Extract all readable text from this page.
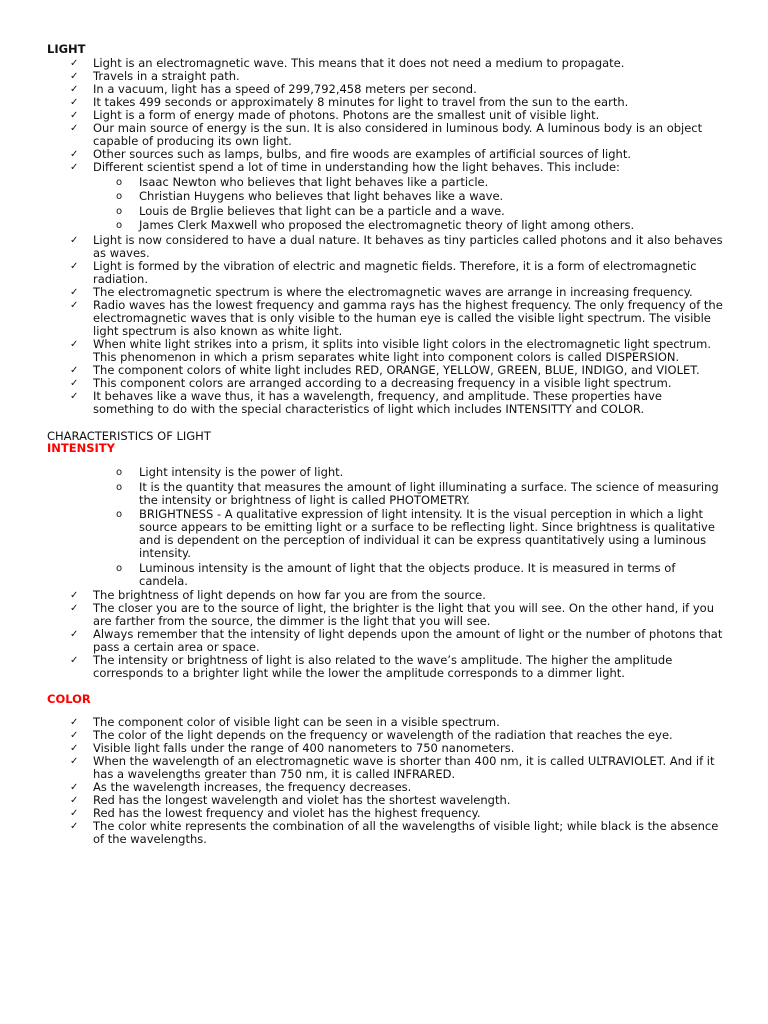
LIGHT
✓ Light is an electromagnetic wave. This means that it does not need a medium to propagate.
✓ Travels in a straight path.
✓ In a vacuum, light has a speed of 299,792,458 meters per second.
✓ It takes 499 seconds or approximately 8 minutes for light to travel from the sun to the earth.
✓ Light is a form of energy made of photons. Photons are the smallest unit of visible light.
✓ Our main source of energy is the sun. It is also considered in luminous body. A luminous body is an object capable of producing its own light.
✓ Other sources such as lamps, bulbs, and fire woods are examples of artificial sources of light.
✓ Different scientist spend a lot of time in understanding how the light behaves. This include:
o Isaac Newton who believes that light behaves like a particle.
o Christian Huygens who believes that light behaves like a wave.
o Louis de Brglie believes that light can be a particle and a wave.
o James Clerk Maxwell who proposed the electromagnetic theory of light among others.
✓ Light is now considered to have a dual nature. It behaves as tiny particles called photons and it also behaves as waves.
✓ Light is formed by the vibration of electric and magnetic fields. Therefore, it is a form of electromagnetic radiation.
✓ The electromagnetic spectrum is where the electromagnetic waves are arrange in increasing frequency.
✓ Radio waves has the lowest frequency and gamma rays has the highest frequency. The only frequency of the electromagnetic waves that is only visible to the human eye is called the visible light spectrum. The visible light spectrum is also known as white light.
✓ When white light strikes into a prism, it splits into visible light colors in the electromagnetic light spectrum. This phenomenon in which a prism separates white light into component colors is called DISPERSION.
✓ The component colors of white light includes RED, ORANGE, YELLOW, GREEN, BLUE, INDIGO, and VIOLET.
✓ This component colors are arranged according to a decreasing frequency in a visible light spectrum.
✓ It behaves like a wave thus, it has a wavelength, frequency, and amplitude. These properties have something to do with the special characteristics of light which includes INTENSITTY and COLOR.
CHARACTERISTICS OF LIGHT
INTENSITY
o Light intensity is the power of light.
o It is the quantity that measures the amount of light illuminating a surface. The science of measuring the intensity or brightness of light is called PHOTOMETRY.
o BRIGHTNESS - A qualitative expression of light intensity. It is the visual perception in which a light source appears to be emitting light or a surface to be reflecting light. Since brightness is qualitative and is dependent on the perception of individual it can be express quantitatively using a luminous intensity.
o Luminous intensity is the amount of light that the objects produce. It is measured in terms of candela.
✓ The brightness of light depends on how far you are from the source.
✓ The closer you are to the source of light, the brighter is the light that you will see. On the other hand, if you are farther from the source, the dimmer is the light that you will see.
✓ Always remember that the intensity of light depends upon the amount of light or the number of photons that pass a certain area or space.
✓ The intensity or brightness of light is also related to the wave’s amplitude. The higher the amplitude corresponds to a brighter light while the lower the amplitude corresponds to a dimmer light.
COLOR
✓ The component color of visible light can be seen in a visible spectrum.
✓ The color of the light depends on the frequency or wavelength of the radiation that reaches the eye.
✓ Visible light falls under the range of 400 nanometers to 750 nanometers.
✓ When the wavelength of an electromagnetic wave is shorter than 400 nm, it is called ULTRAVIOLET. And if it has a wavelengths greater than 750 nm, it is called INFRARED.
✓ As the wavelength increases, the frequency decreases.
✓ Red has the longest wavelength and violet has the shortest wavelength.
✓ Red has the lowest frequency and violet has the highest frequency.
✓ The color white represents the combination of all the wavelengths of visible light; while black is the absence of the wavelengths.
